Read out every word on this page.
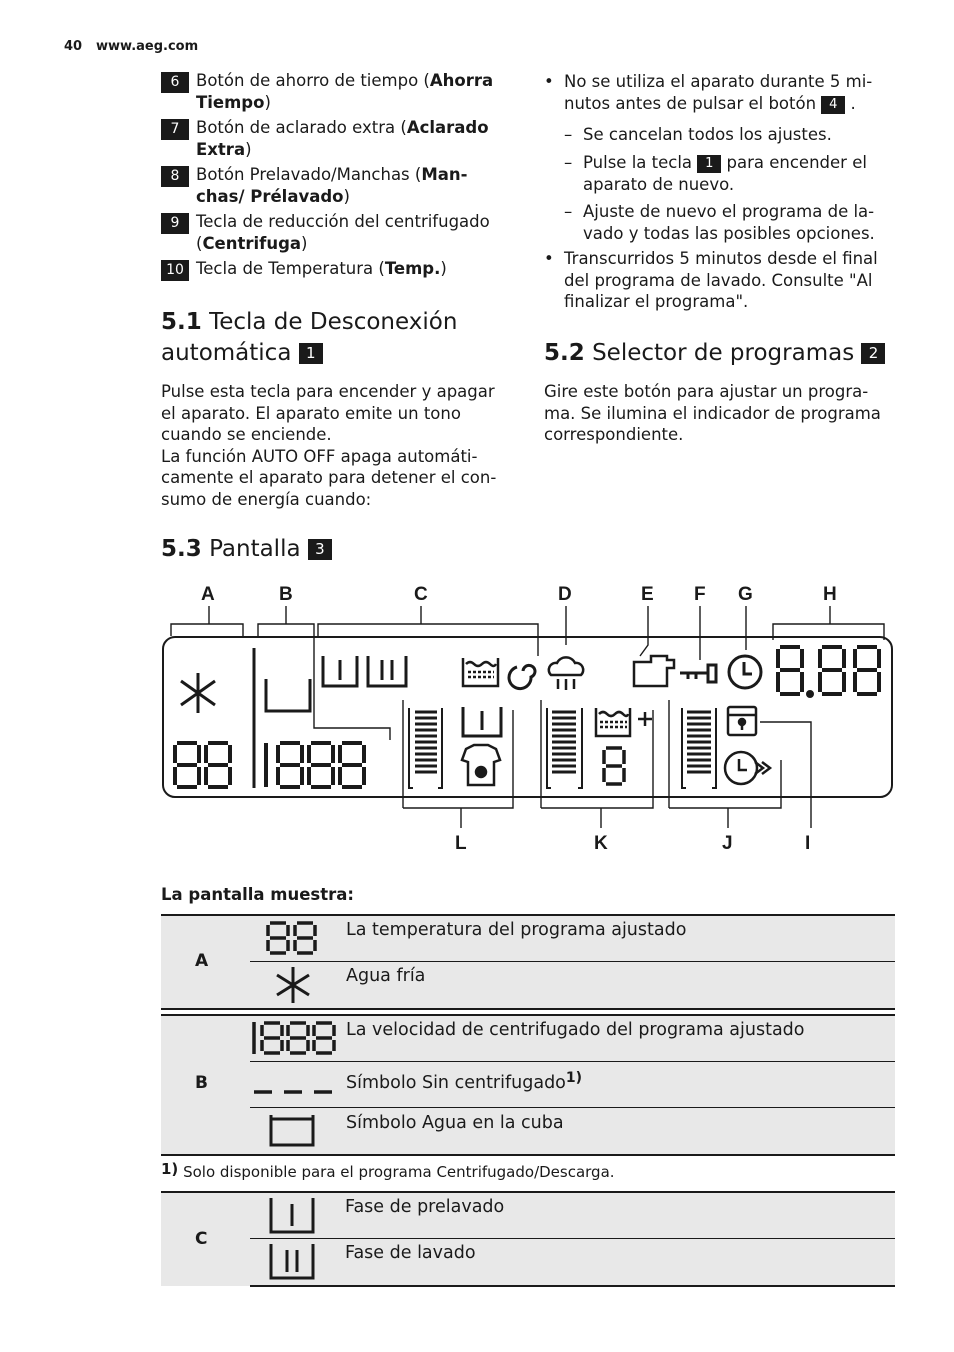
40 www.aeg.com
6	Botón de ahorro de tiempo (Ahorra Tiempo)
7	Botón de aclarado extra (Aclarado Extra)
8	Botón Prelavado/Manchas (Man-chas/ Prélavado)
9	Tecla de reducción del centrifugado (Centrifuga)
10 Tecla de Temperatura (Temp.)
5.1 Tecla de Desconexión
automática 1
Pulse esta tecla para encender y apagar
el aparato. El aparato emite un tono
cuando se enciende.
La función AUTO OFF apaga automáti-
camente el aparato para detener el con-
sumo de energía cuando:
• No se utiliza el aparato durante 5 mi-
nutos antes de pulsar el botón 4 .
– Se cancelan todos los ajustes.
– Pulse la tecla 1 para encender el
aparato de nuevo.
– Ajuste de nuevo el programa de la-
vado y todas las posibles opciones.
• Transcurridos 5 minutos desde el final
del programa de lavado. Consulte "Al
finalizar el programa".
5.2 Selector de programas 2
Gire este botón para ajustar un progra-
ma. Se ilumina el indicador de programa
correspondiente.
5.3 Pantalla 3
A	B	C	D	E F G	H
L	K	J	I
La pantalla muestra:
A
La temperatura del programa ajustado
Agua fría
B
La velocidad de centrifugado del programa ajustado
Símbolo Sin centrifugado$^{1)}$
Símbolo Agua en la cuba
1) Solo disponible para el programa Centrifugado/Descarga.
C
Fase de prelavado
Fase de lavado
